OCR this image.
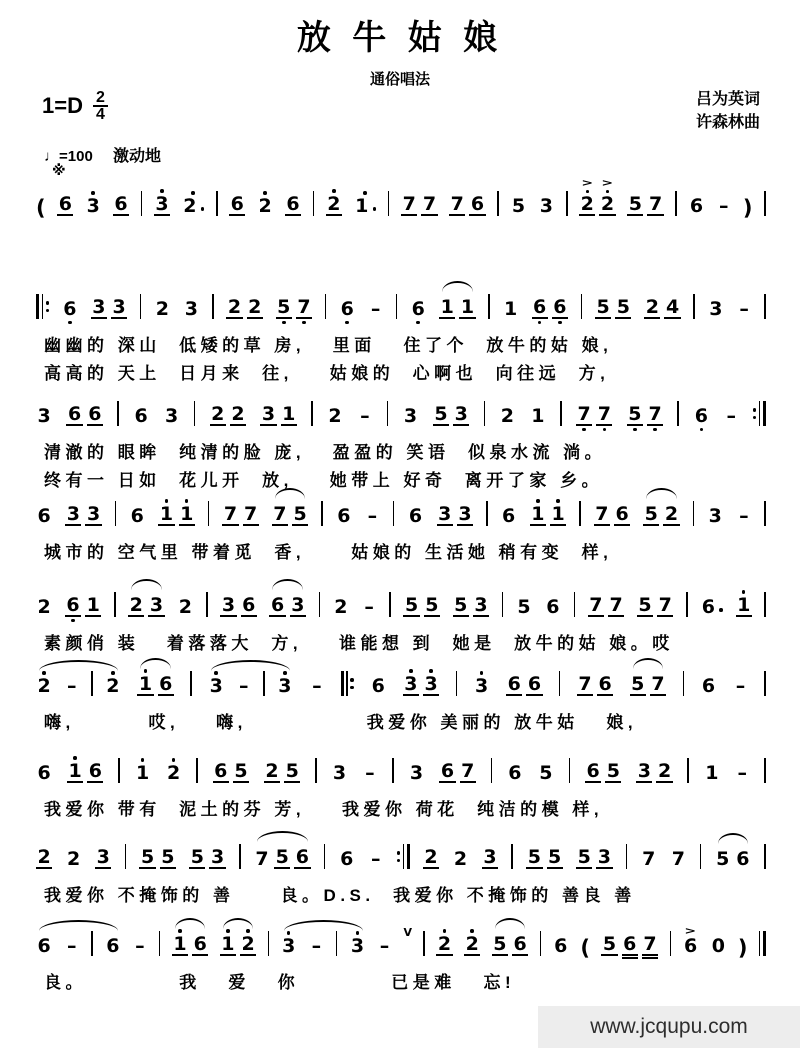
放 牛 姑 娘
通俗唱法
$1=D \frac{2}{4}$	吕为英词
许森林曲
♩=100 激动地
※
( 6 3 6 3 2 6 2 6 2 1 7 7 7 6 5 3
>
2
>
2 5 7 6 – )
6 3 3 2 3 2 2 5 7 6 – 6 1 1 1 6 6 5 5 2 4 3 –
幽幽的 深山  低矮的草 房,   里面   住了个  放牛的姑 娘,
高高的 天上  日月来  往,    姑娘的  心啊也  向往远  方,
3 6 6 6 3 2 2 3 1 2 – 3 5 3 2 1 7 7 5 7 6 –
清澈的 眼眸  纯清的脸 庞,   盈盈的 笑语  似泉水流 淌。
终有一 日如  花儿开  放,    她带上 好奇  离开了家 乡。
6 3 3 6 1 1 7 7 7 5 6 – 6 3 3 6 1 1 7 6 5 2 3 –
城市的 空气里 带着觅  香,     姑娘的 生活她 稍有变  样,
2 6 1 2 3 2 3 6 6 3 2 – 5 5 5 3 5 6 7 7 5 7 6 1
素颜俏 装   着落落大  方,    谁能想 到  她是  放牛的姑 娘。哎
2 – 2 1 6 3 – 3 –	6 3 3 3 6 6 7 6 5 7 6 –
嗨,        哎,    嗨,             我爱你 美丽的 放牛姑   娘,
6 1 6 1 2 6 5 2 5 3 – 3 6 7 6 5 6 5 3 2 1 –
我爱你 带有  泥土的芬 芳,    我爱你 荷花  纯洁的模 样,
2 2 3 5 5 5 3 7 5 6 6 – 2 2 3 5 5 5 3 7 7 5 6
我爱你 不掩饰的 善     良。D.S.  我爱你 不掩饰的 善良 善
6 – 6 – 1 6 1 2 3 – 3 –
V
2 2 5 6 6 ( 5 6 7
>
6 0 )
良。          我   爱   你          已是难   忘!
www.jcqupu.com
